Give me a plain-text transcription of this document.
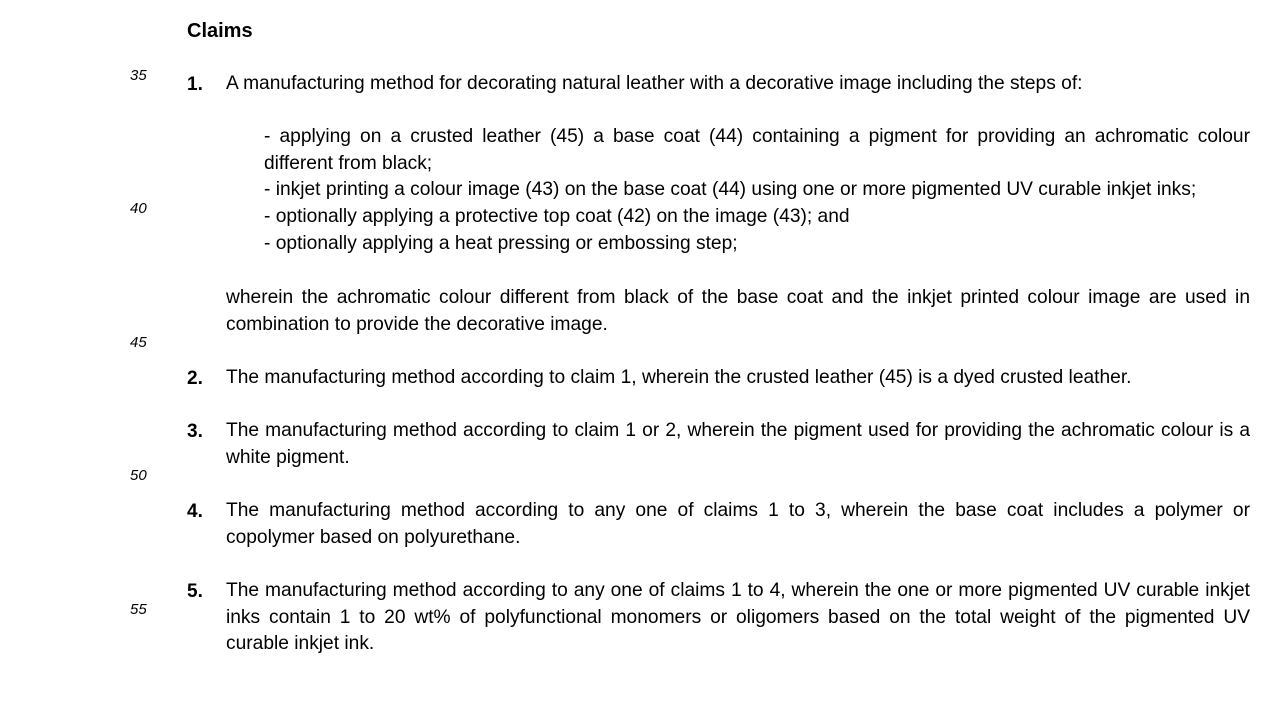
Claims
35
40
45
50
55
1. A manufacturing method for decorating natural leather with a decorative image including the steps of:
- applying on a crusted leather (45) a base coat (44) containing a pigment for providing an achromatic colour different from black;
- inkjet printing a colour image (43) on the base coat (44) using one or more pigmented UV curable inkjet inks;
- optionally applying a protective top coat (42) on the image (43); and
- optionally applying a heat pressing or embossing step;
wherein the achromatic colour different from black of the base coat and the inkjet printed colour image are used in combination to provide the decorative image.
2. The manufacturing method according to claim 1, wherein the crusted leather (45) is a dyed crusted leather.
3. The manufacturing method according to claim 1 or 2, wherein the pigment used for providing the achromatic colour is a white pigment.
4. The manufacturing method according to any one of claims 1 to 3, wherein the base coat includes a polymer or copolymer based on polyurethane.
5. The manufacturing method according to any one of claims 1 to 4, wherein the one or more pigmented UV curable inkjet inks contain 1 to 20 wt% of polyfunctional monomers or oligomers based on the total weight of the pigmented UV curable inkjet ink.
